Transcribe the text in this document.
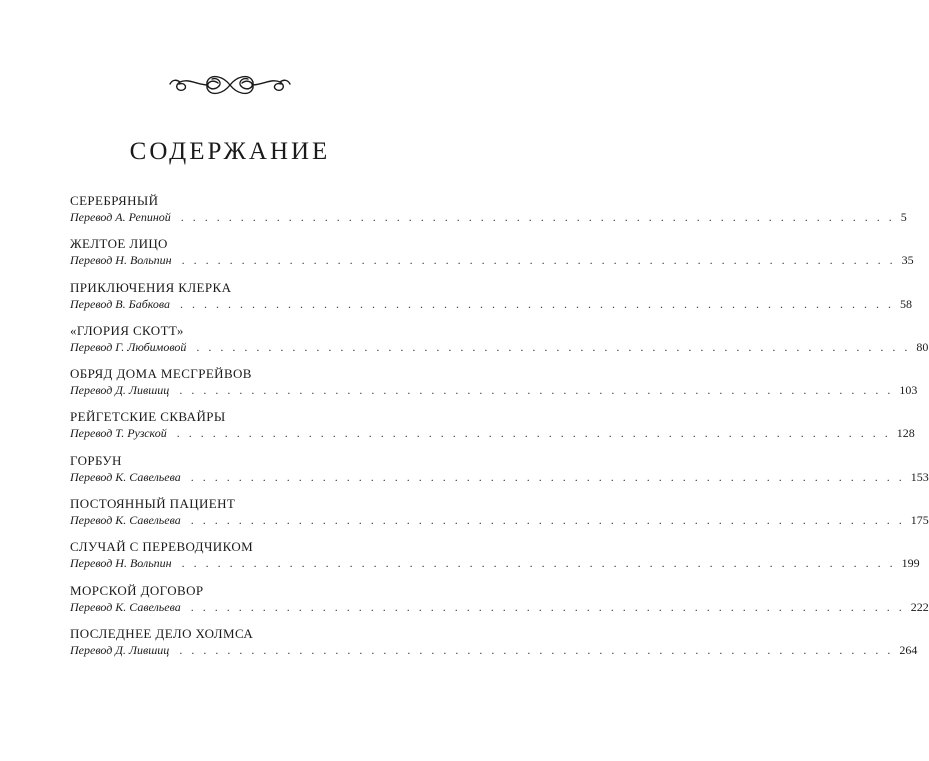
СОДЕРЖАНИЕ
СЕРЕБРЯНЫЙ
Перевод А. Репиной . . . . . . . . . . . . . . . . . . . . . . . . . . . . . . . . . . . . . . . . . . . . . . . . . . . . . . . . . . . . 5
ЖЕЛТОЕ ЛИЦО
Перевод Н. Вольпин . . . . . . . . . . . . . . . . . . . . . . . . . . . . . . . . . . . . . . . . . . . . . . . . . . . . . . . . . . . . 35
ПРИКЛЮЧЕНИЯ КЛЕРКА
Перевод В. Бабкова . . . . . . . . . . . . . . . . . . . . . . . . . . . . . . . . . . . . . . . . . . . . . . . . . . . . . . . . . . . . 58
«ГЛОРИЯ СКОТТ»
Перевод Г. Любимовой . . . . . . . . . . . . . . . . . . . . . . . . . . . . . . . . . . . . . . . . . . . . . . . . . . . . . . . . . . . . 80
ОБРЯД ДОМА МЕСГРЕЙВОВ
Перевод Д. Лившиц . . . . . . . . . . . . . . . . . . . . . . . . . . . . . . . . . . . . . . . . . . . . . . . . . . . . . . . . . . . . 103
РЕЙГЕТСКИЕ СКВАЙРЫ
Перевод Т. Рузской . . . . . . . . . . . . . . . . . . . . . . . . . . . . . . . . . . . . . . . . . . . . . . . . . . . . . . . . . . . . 128
ГОРБУН
Перевод К. Савельева . . . . . . . . . . . . . . . . . . . . . . . . . . . . . . . . . . . . . . . . . . . . . . . . . . . . . . . . . . . . 153
ПОСТОЯННЫЙ ПАЦИЕНТ
Перевод К. Савельева . . . . . . . . . . . . . . . . . . . . . . . . . . . . . . . . . . . . . . . . . . . . . . . . . . . . . . . . . . . . 175
СЛУЧАЙ С ПЕРЕВОДЧИКОМ
Перевод Н. Вольпин . . . . . . . . . . . . . . . . . . . . . . . . . . . . . . . . . . . . . . . . . . . . . . . . . . . . . . . . . . . . 199
МОРСКОЙ ДОГОВОР
Перевод К. Савельева . . . . . . . . . . . . . . . . . . . . . . . . . . . . . . . . . . . . . . . . . . . . . . . . . . . . . . . . . . . . 222
ПОСЛЕДНЕЕ ДЕЛО ХОЛМСА
Перевод Д. Лившиц . . . . . . . . . . . . . . . . . . . . . . . . . . . . . . . . . . . . . . . . . . . . . . . . . . . . . . . . . . . . 264
